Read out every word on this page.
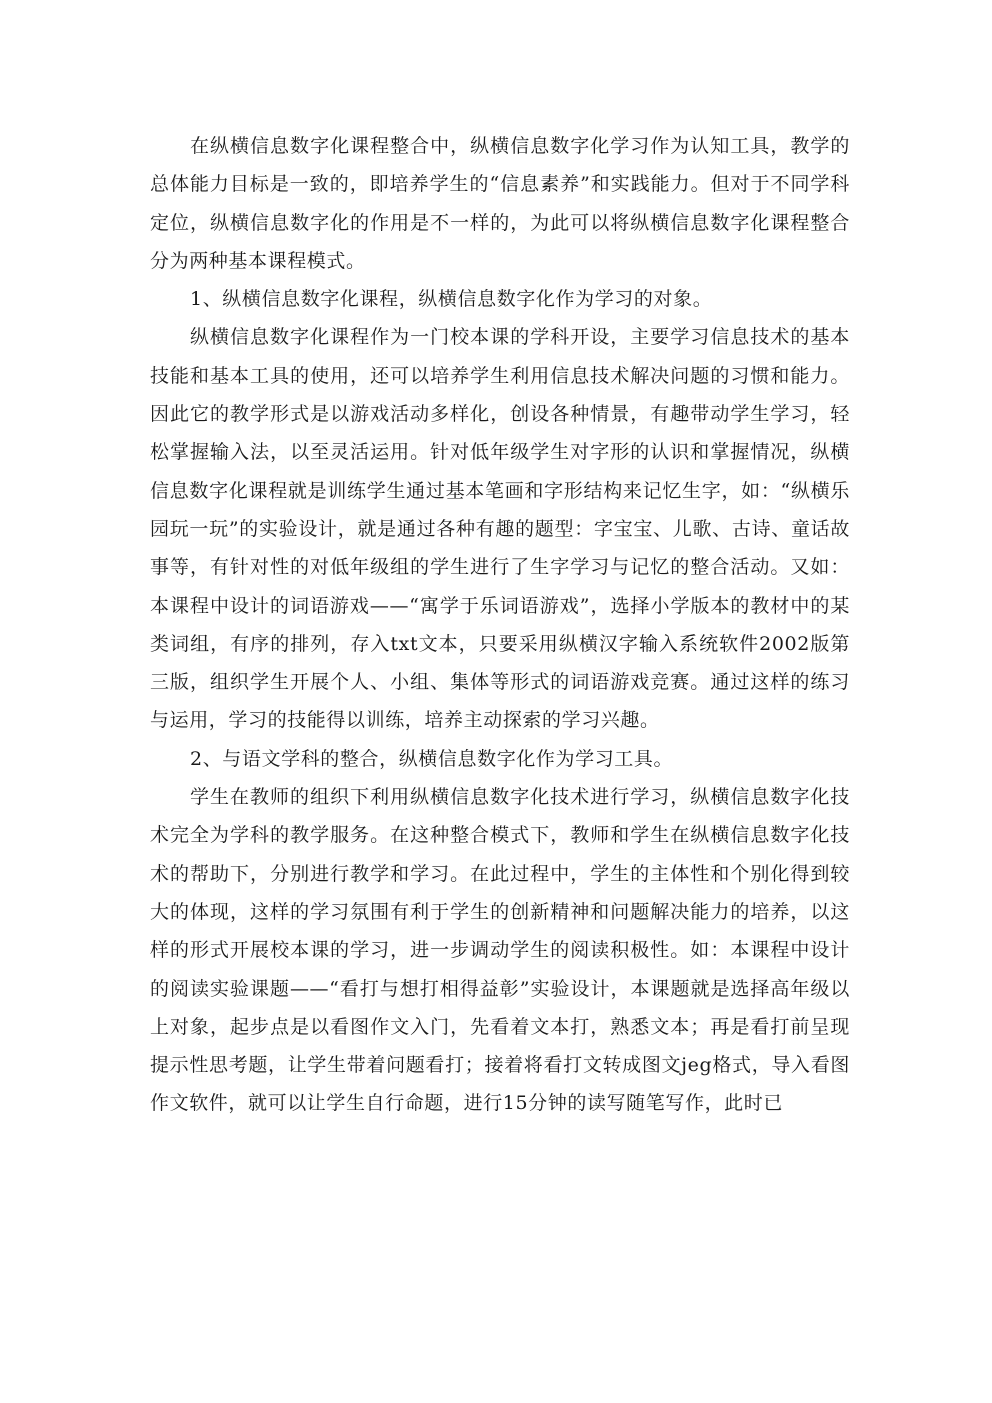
在纵横信息数字化课程整合中，纵横信息数字化学习作为认知工具，教学的总体能力目标是一致的，即培养学生的“信息素养”和实践能力。但对于不同学科定位，纵横信息数字化的作用是不一样的，为此可以将纵横信息数字化课程整合分为两种基本课程模式。

1、纵横信息数字化课程，纵横信息数字化作为学习的对象。

纵横信息数字化课程作为一门校本课的学科开设，主要学习信息技术的基本技能和基本工具的使用，还可以培养学生利用信息技术解决问题的习惯和能力。因此它的教学形式是以游戏活动多样化，创设各种情景，有趣带动学生学习，轻松掌握输入法，以至灵活运用。针对低年级学生对字形的认识和掌握情况，纵横信息数字化课程就是训练学生通过基本笔画和字形结构来记忆生字，如：“纵横乐园玩一玩”的实验设计，就是通过各种有趣的题型：字宝宝、儿歌、古诗、童话故事等，有针对性的对低年级组的学生进行了生字学习与记忆的整合活动。又如：本课程中设计的词语游戏——“寓学于乐词语游戏”，选择小学版本的教材中的某类词组，有序的排列，存入txt文本，只要采用纵横汉字输入系统软件2002版第三版，组织学生开展个人、小组、集体等形式的词语游戏竞赛。通过这样的练习与运用，学习的技能得以训练，培养主动探索的学习兴趣。

2、与语文学科的整合，纵横信息数字化作为学习工具。

学生在教师的组织下利用纵横信息数字化技术进行学习，纵横信息数字化技术完全为学科的教学服务。在这种整合模式下，教师和学生在纵横信息数字化技术的帮助下，分别进行教学和学习。在此过程中，学生的主体性和个别化得到较大的体现，这样的学习氛围有利于学生的创新精神和问题解决能力的培养，以这样的形式开展校本课的学习，进一步调动学生的阅读积极性。如：本课程中设计的阅读实验课题——“看打与想打相得益彰”实验设计，本课题就是选择高年级以上对象，起步点是以看图作文入门，先看着文本打，熟悉文本；再是看打前呈现提示性思考题，让学生带着问题看打；接着将看打文转成图文jeg格式，导入看图作文软件，就可以让学生自行命题，进行15分钟的读写随笔写作，此时已
